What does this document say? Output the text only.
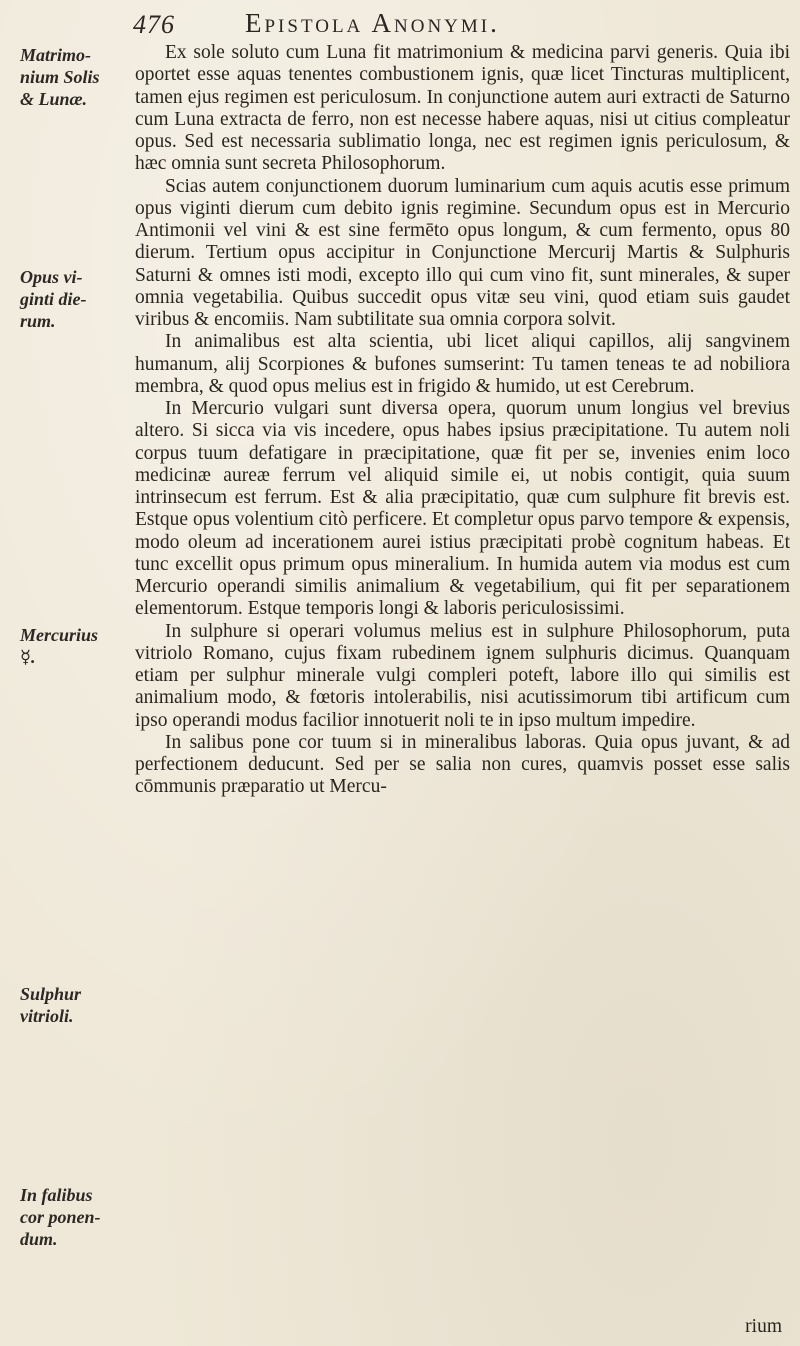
476	Epistola Anonymi.
Matrimo-
nium Solis
& Lunæ.
Opus vi-
ginti die-
rum.
Mercurius
☿.
Sulphur
vitrioli.
In falibus
cor ponen-
dum.

Ex sole soluto cum Luna fit matrimonium & medicina parvi generis. Quia ibi oportet esse aquas tenentes combustionem ignis, quæ licet Tincturas multiplicent, tamen ejus regimen est periculosum. In conjunctione autem auri extracti de Saturno cum Luna extracta de ferro, non est necesse habere aquas, nisi ut citius compleatur opus. Sed est necessaria sublimatio longa, nec est regimen ignis periculosum, & hæc omnia sunt secreta Philosophorum.

Scias autem conjunctionem duorum luminarium cum aquis acutis esse primum opus viginti dierum cum debito ignis regimine. Secundum opus est in Mercurio Antimonii vel vini & est sine fermēto opus longum, & cum fermento, opus 80 dierum. Tertium opus accipitur in Conjunctione Mercurij Martis & Sulphuris Saturni & omnes isti modi, excepto illo qui cum vino fit, sunt minerales, & super omnia vegetabilia. Quibus succedit opus vitæ seu vini, quod etiam suis gaudet viribus & encomiis. Nam subtilitate sua omnia corpora solvit.

In animalibus est alta scientia, ubi licet aliqui capillos, alij sangvinem humanum, alij Scorpiones & bufones sumserint: Tu tamen teneas te ad nobiliora membra, & quod opus melius est in frigido & humido, ut est Cerebrum.

In Mercurio vulgari sunt diversa opera, quorum unum longius vel brevius altero. Si sicca via vis incedere, opus habes ipsius præcipitatione. Tu autem noli corpus tuum defatigare in præcipitatione, quæ fit per se, invenies enim loco medicinæ aureæ ferrum vel aliquid simile ei, ut nobis contigit, quia suum intrinsecum est ferrum. Est & alia præcipitatio, quæ cum sulphure fit brevis est. Estque opus volentium citò perficere. Et completur opus parvo tempore & expensis, modo oleum ad incerationem aurei istius præcipitati probè cognitum habeas. Et tunc excellit opus primum opus mineralium. In humida autem via modus est cum Mercurio operandi similis animalium & vegetabilium, qui fit per separationem elementorum. Estque temporis longi & laboris periculosissimi.

In sulphure si operari volumus melius est in sulphure Philosophorum, puta vitriolo Romano, cujus fixam rubedinem ignem sulphuris dicimus. Quanquam etiam per sulphur minerale vulgi compleri poteft, labore illo qui similis est animalium modo, & fœtoris intolerabilis, nisi acutissimorum tibi artificum cum ipso operandi modus facilior innotuerit noli te in ipso multum impedire.

In salibus pone cor tuum si in mineralibus laboras. Quia opus juvant, & ad perfectionem deducunt. Sed per se salia non cures, quamvis posset esse salis cōmmunis præparatio ut Mercu-

rium
